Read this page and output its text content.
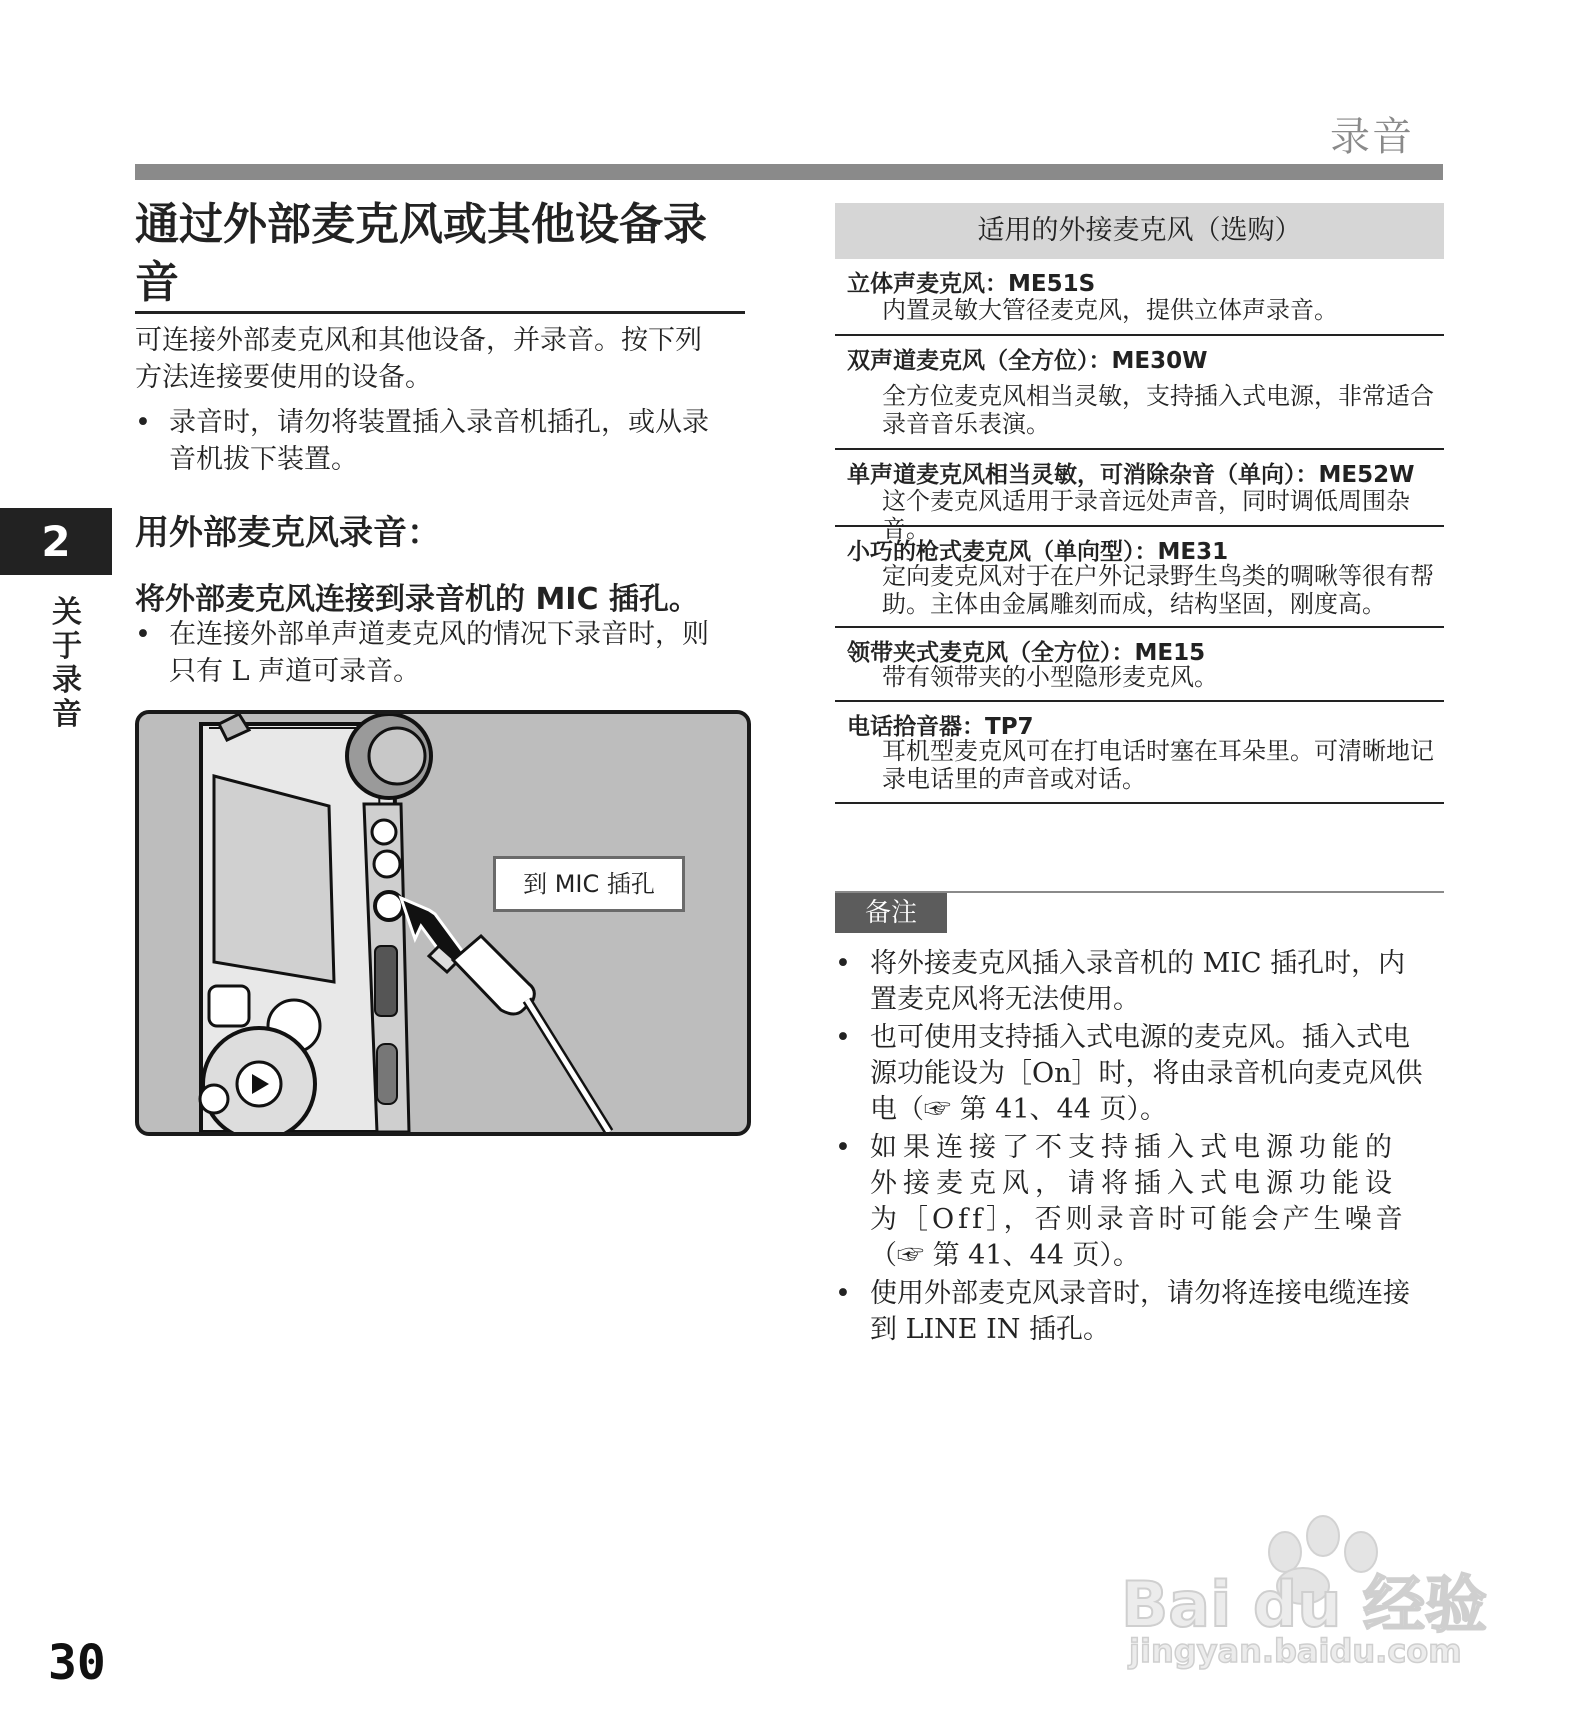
录音
2
关于录音
30
通过外部麦克风或其他设备录
音
可连接外部麦克风和其他设备，并录音。按下列
方法连接要使用的设备。
• 录音时，请勿将装置插入录音机插孔，或从录
音机拔下装置。
用外部麦克风录音：
将外部麦克风连接到录音机的 MIC 插孔。
• 在连接外部单声道麦克风的情况下录音时，则
只有 L 声道可录音。
到 MIC 插孔
适用的外接麦克风（选购）
立体声麦克风：ME51S
内置灵敏大管径麦克风，提供立体声录音。
双声道麦克风（全方位）：ME30W
全方位麦克风相当灵敏，支持插入式电源，非常适合
录音音乐表演。
单声道麦克风相当灵敏，可消除杂音（单向）：ME52W
这个麦克风适用于录音远处声音，同时调低周围杂音。
小巧的枪式麦克风（单向型）：ME31
定向麦克风对于在户外记录野生鸟类的啁啾等很有帮
助。主体由金属雕刻而成，结构坚固，刚度高。
领带夹式麦克风（全方位）：ME15
带有领带夹的小型隐形麦克风。
电话拾音器：TP7
耳机型麦克风可在打电话时塞在耳朵里。可清晰地记
录电话里的声音或对话。
备注
• 将外接麦克风插入录音机的 MIC 插孔时，内
置麦克风将无法使用。
• 也可使用支持插入式电源的麦克风。插入式电
源功能设为［On］时，将由录音机向麦克风供
电（☞ 第 41、44 页）。
• 如果连接了不支持插入式电源功能的
外接麦克风，请将插入式电源功能设
为［Off］，否则录音时可能会产生噪音
（☞ 第 41、44 页）。
• 使用外部麦克风录音时，请勿将连接电缆连接
到 LINE IN 插孔。
Bai du 经验
jingyan.baidu.com
